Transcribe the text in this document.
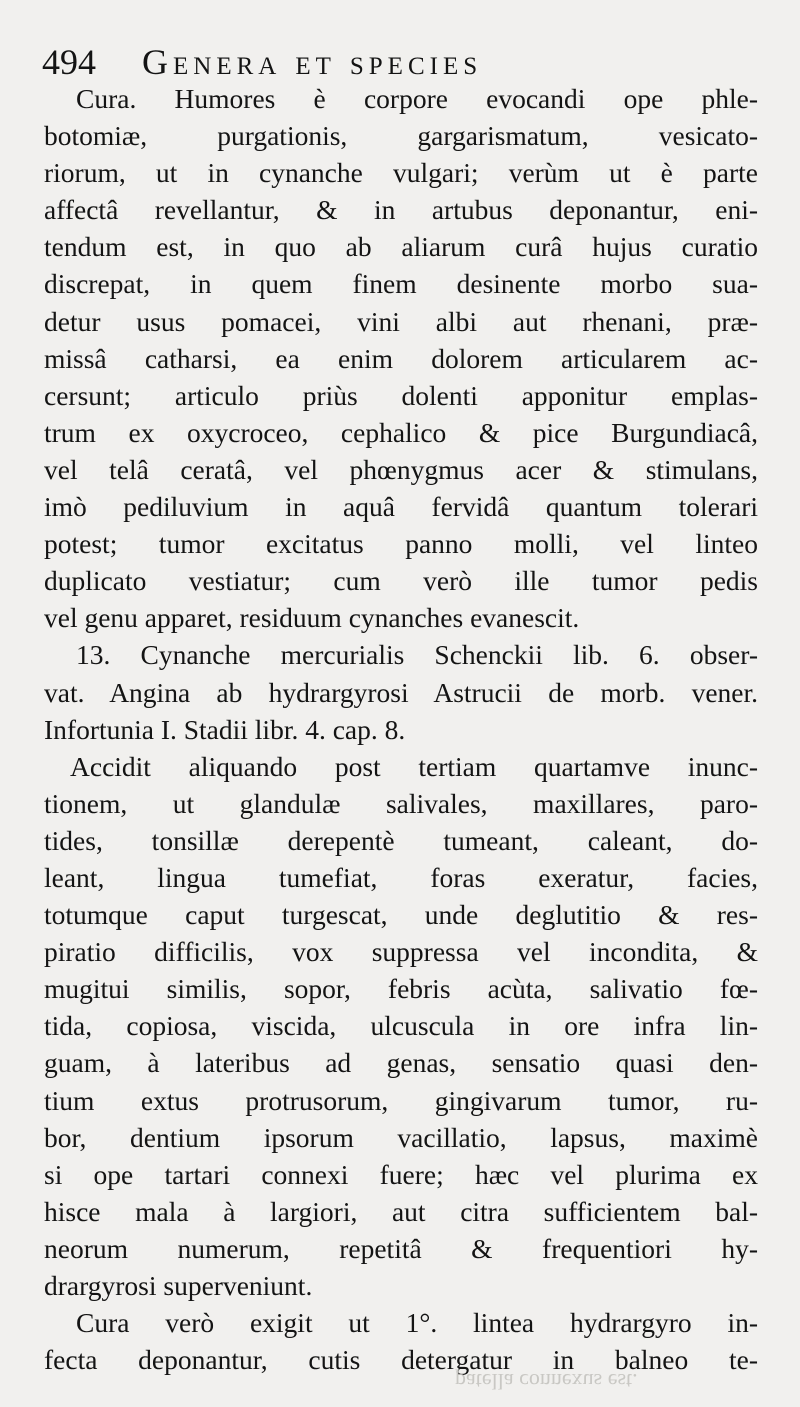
494 Genera et species
Cura. Humores è corpore evocandi ope phle-
botomiæ, purgationis, gargarismatum, vesicato-
riorum, ut in cynanche vulgari; verùm ut è parte
affectâ revellantur, & in artubus deponantur, eni-
tendum est, in quo ab aliarum curâ hujus curatio
discrepat, in quem finem desinente morbo sua-
detur usus pomacei, vini albi aut rhenani, præ-
missâ catharsi, ea enim dolorem articularem ac-
cersunt; articulo priùs dolenti apponitur emplas-
trum ex oxycroceo, cephalico & pice Burgundiacâ,
vel telâ ceratâ, vel phœnygmus acer & stimulans,
imò pediluvium in aquâ fervidâ quantum tolerari
potest; tumor excitatus panno molli, vel linteo
duplicato vestiatur; cum verò ille tumor pedis
vel genu apparet, residuum cynanches evanescit.
13. Cynanche mercurialis Schenckii lib. 6. obser-
vat. Angina ab hydrargyrosi Astrucii de morb. vener.
Infortunia I. Stadii libr. 4. cap. 8.
Accidit aliquando post tertiam quartamve inunc-
tionem, ut glandulæ salivales, maxillares, paro-
tides, tonsillæ derepentè tumeant, caleant, do-
leant, lingua tumefiat, foras exeratur, facies,
totumque caput turgescat, unde deglutitio & res-
piratio difficilis, vox suppressa vel incondita, &
mugitui similis, sopor, febris acùta, salivatio fœ-
tida, copiosa, viscida, ulcuscula in ore infra lin-
guam, à lateribus ad genas, sensatio quasi den-
tium extus protrusorum, gingivarum tumor, ru-
bor, dentium ipsorum vacillatio, lapsus, maximè
si ope tartari connexi fuere; hæc vel plurima ex
hisce mala à largiori, aut citra sufficientem bal-
neorum numerum, repetitâ & frequentiori hy-
drargyrosi superveniunt.
Cura verò exigit ut 1°. lintea hydrargyro in-
fecta deponantur, cutis detergatur in balneo te-
patella connexus est.
